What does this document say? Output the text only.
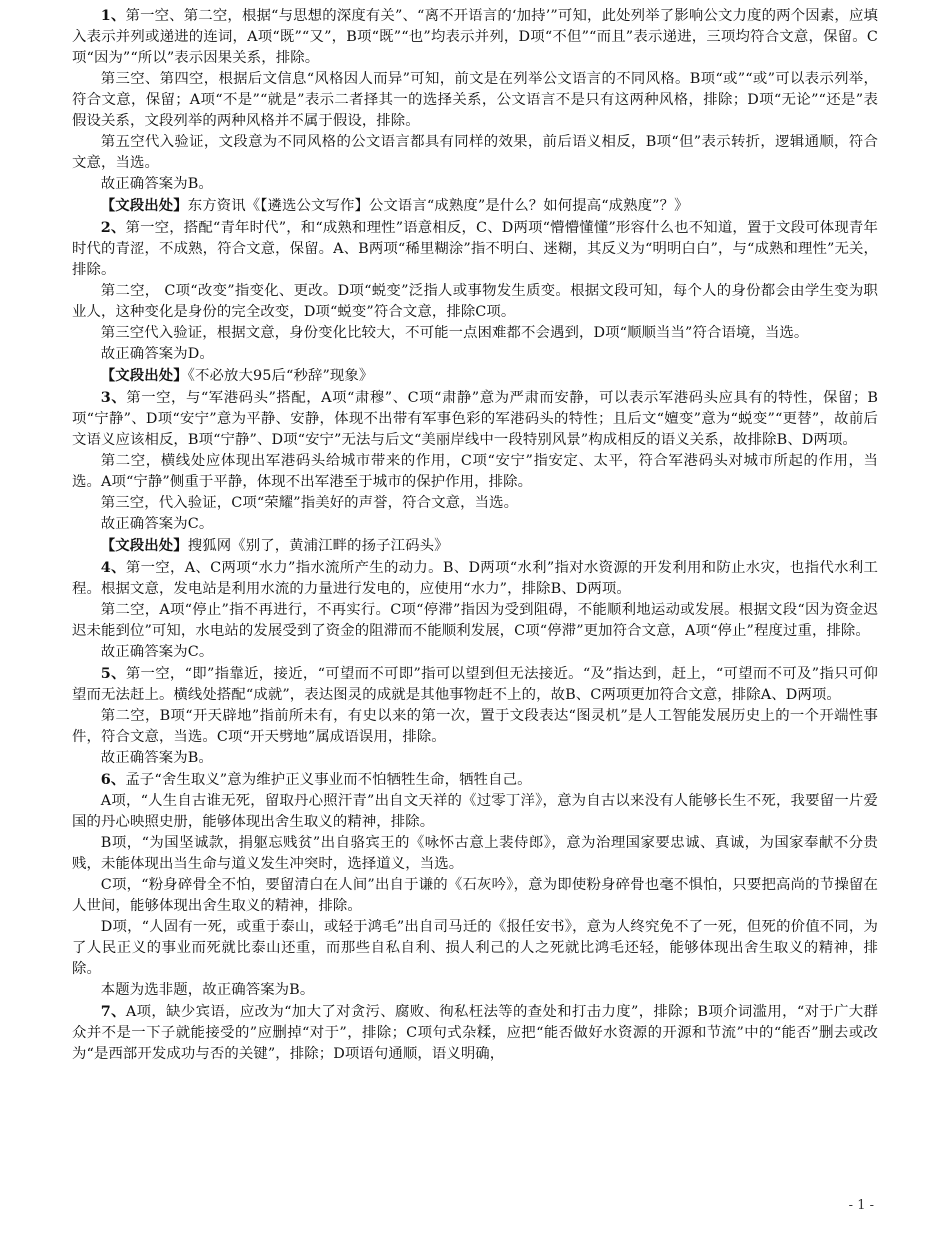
1、第一空、第二空，根据“与思想的深度有关”、“离不开语言的‘加持’”可知，此处列举了影响公文力度的两个因素，应填入表示并列或递进的连词，A项“既”“又”，B项“既”“也”均表示并列，D项“不但”“而且”表示递进，三项均符合文意，保留。C项“因为”“所以”表示因果关系，排除。

第三空、第四空，根据后文信息“风格因人而异”可知，前文是在列举公文语言的不同风格。B项“或”“或”可以表示列举，符合文意，保留；A项“不是”“就是”表示二者择其一的选择关系，公文语言不是只有这两种风格，排除；D项“无论”“还是”表假设关系，文段列举的两种风格并不属于假设，排除。

第五空代入验证，文段意为不同风格的公文语言都具有同样的效果，前后语义相反，B项“但”表示转折，逻辑通顺，符合文意，当选。

故正确答案为B。

【文段出处】东方资讯《【遴选公文写作】公文语言“成熟度”是什么？如何提高“成熟度”？》

2、第一空，搭配“青年时代”，和“成熟和理性”语意相反，C、D两项“懵懵懂懂”形容什么也不知道，置于文段可体现青年时代的青涩，不成熟，符合文意，保留。A、B两项“稀里糊涂”指不明白、迷糊，其反义为“明明白白”，与“成熟和理性”无关，排除。

第二空， C项“改变”指变化、更改。D项“蜕变”泛指人或事物发生质变。根据文段可知，每个人的身份都会由学生变为职业人，这种变化是身份的完全改变，D项“蜕变”符合文意，排除C项。

第三空代入验证，根据文意，身份变化比较大，不可能一点困难都不会遇到，D项“顺顺当当”符合语境，当选。

故正确答案为D。

【文段出处】《不必放大95后“秒辞”现象》

3、第一空，与“军港码头”搭配，A项“肃穆”、C项“肃静”意为严肃而安静，可以表示军港码头应具有的特性，保留；B项“宁静”、D项“安宁”意为平静、安静，体现不出带有军事色彩的军港码头的特性；且后文“嬗变”意为“蜕变”“更替”，故前后文语义应该相反，B项“宁静”、D项“安宁”无法与后文“美丽岸线中一段特别风景”构成相反的语义关系，故排除B、D两项。

第二空，横线处应体现出军港码头给城市带来的作用，C项“安宁”指安定、太平，符合军港码头对城市所起的作用，当选。A项“宁静”侧重于平静，体现不出军港至于城市的保护作用，排除。

第三空，代入验证，C项“荣耀”指美好的声誉，符合文意，当选。

故正确答案为C。

【文段出处】搜狐网《别了，黄浦江畔的扬子江码头》

4、第一空，A、C两项“水力”指水流所产生的动力。B、D两项“水利”指对水资源的开发利用和防止水灾，也指代水利工程。根据文意，发电站是利用水流的力量进行发电的，应使用“水力”，排除B、D两项。

第二空，A项“停止”指不再进行，不再实行。C项“停滞”指因为受到阻碍，不能顺利地运动或发展。根据文段“因为资金迟迟未能到位”可知，水电站的发展受到了资金的阻滞而不能顺利发展，C项“停滞”更加符合文意，A项“停止”程度过重，排除。

故正确答案为C。

5、第一空，“即”指靠近，接近，“可望而不可即”指可以望到但无法接近。“及”指达到，赶上，“可望而不可及”指只可仰望而无法赶上。横线处搭配“成就”，表达图灵的成就是其他事物赶不上的，故B、C两项更加符合文意，排除A、D两项。

第二空，B项“开天辟地”指前所未有，有史以来的第一次，置于文段表达“图灵机”是人工智能发展历史上的一个开端性事件，符合文意，当选。C项“开天劈地”属成语误用，排除。

故正确答案为B。

6、孟子“舍生取义”意为维护正义事业而不怕牺牲生命，牺牲自己。

A项，“人生自古谁无死，留取丹心照汗青”出自文天祥的《过零丁洋》，意为自古以来没有人能够长生不死，我要留一片爱国的丹心映照史册，能够体现出舍生取义的精神，排除。

B项，“为国坚诚款，捐躯忘贱贫”出自骆宾王的《咏怀古意上裴侍郎》，意为治理国家要忠诚、真诚，为国家奉献不分贵贱，未能体现出当生命与道义发生冲突时，选择道义，当选。

C项，“粉身碎骨全不怕，要留清白在人间”出自于谦的《石灰吟》，意为即使粉身碎骨也毫不惧怕，只要把高尚的节操留在人世间，能够体现出舍生取义的精神，排除。

D项，“人固有一死，或重于泰山，或轻于鸿毛”出自司马迁的《报任安书》，意为人终究免不了一死，但死的价值不同，为了人民正义的事业而死就比泰山还重，而那些自私自利、损人利己的人之死就比鸿毛还轻，能够体现出舍生取义的精神，排除。

本题为选非题，故正确答案为B。

7、A项，缺少宾语，应改为“加大了对贪污、腐败、徇私枉法等的查处和打击力度”，排除；B项介词滥用，“对于广大群众并不是一下子就能接受的”应删掉“对于”，排除；C项句式杂糅，应把“能否做好水资源的开源和节流”中的“能否”删去或改为“是西部开发成功与否的关键”，排除；D项语句通顺，语义明确，

- 1 -
